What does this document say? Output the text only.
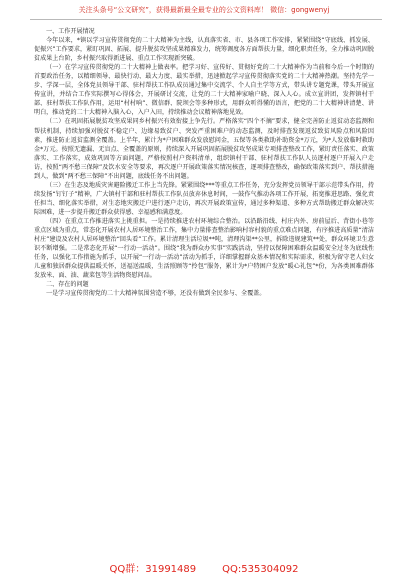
关注头条号“公文研究”，获得最新最全最专业的公文资料库！ 微信：gongwenyj

一、工作开展情况

今年以来，*镇以学习宣传贯彻党的二十大精神为主线，认真落实省、市、县各项工作安排，紧紧围绕“守底线、抓发展、促振兴”工作要求，紧盯巩固、拓展、提升脱贫攻坚成果精准发力，统筹调度各方面帮扶力量，细化职责任务，全力推动巩固脱贫成果上台阶，乡村振兴取得新进展、重点工作实现新突破。

（一）在学习宣传贯彻党的二十大精神上做表率。把学习好、宣传好、贯彻好党的二十大精神作为当前和今后一个时期的首要政治任务，以精细领导、最快行动、最大力度、最实举措，迅速掀起学习宣传贯彻落实党的二十大精神热潮。坚持先学一步、学深一层，全体党员领导干部、驻村帮扶工作队成员通过集中交流学、个人自主学等方式，带头讲专题党课，带头开展宣传宣讲，并结合工作实际撰写心得体会，开展研讨交流，让党的二十大精神家喻户晓、深入人心。成立宣讲团，发挥镇村干部、驻村帮扶工作队作用，运用“村村响”、微信群、院坝会等多种形式，用群众听得懂的语言，把党的二十大精神讲清楚、讲明白，推动党的二十大精神入脑入心，入户入田，持续推动会议精神落地见效。

（二）在巩固拓展脱贫攻坚成果同乡村振兴有效衔接上争先行。严格落实“四个不摘”要求，健全完善防止返贫动态监测和帮扶机制，持续加强对脱贫不稳定户、边缘易致贫户、突发严重困难户的动态监测，及时排查发现返贫致贫风险点和风险因素，推进防止返贫监测全覆盖。上半年，累计为*户困难群众发放慰问金，五保等各类救助补助资金*万元，为*人发放临时救助金*万元。按照无遗漏、无盲点、全覆盖的原则，持续深入开展巩固拓展脱贫攻坚成果专项排查整改工作，紧盯责任落实、政策落实、工作落实，成效巩固等方面问题，严格按照村户资料清单，组织镇村干部、驻村帮扶工作队人员逐村逐户开展入户走访，按照“两不愁三保障”及饮水安全等要求，再次逐户开展政策落实情况核查，逐项排查整改，确保政策落实到户、帮扶措施到人，做到“两不愁三保障”不出问题，底线任务不出问题。

（三）在生态及地质灾害避险搬迁工作上当先锋。紧紧围绕***等重点工作任务，充分发挥党员领导干部示范带头作用，持续发扬“钉钉子”精神，广大镇村干部和驻村帮扶工作队员放弃休息时间，一鼓作气推动各项工作开展，拓宽推进思路、强化责任担当、细化落实举措，对生态地灾搬迁户进行逐户走访，再次开展政策宣传，通过多种渠道、多种方式帮助搬迁群众解决实际困难，进一步提升搬迁群众获得感、幸福感和满意度。

（四）在重点工作推进落实上挑重担。一是持续推进农村环境综合整治。以沿路沿线、村庄内外、房前屋后、背街小巷等重点区域为重点，常态化开展农村人居环境整治工作，集中力量排查整治影响村容村貌的重点难点问题，有序推进高质量“清洁村庄”建设及农村人居环境整治“回头看”工作。累计清理生活垃圾**吨，清理沟渠**公里，拆除违规建筑**处，群众环境卫生意识不断增强。二是常态化开展“一行动一活动”。围绕“我为群众办实事”实践活动，坚持以保障困难群众温暖安全过冬为底线性任务，以强化工作措施为抓手，以开展“一行动一活动”活动为抓手，详细掌握群众基本情况和实际需求，积极为留守老人妇女儿童和独居群众提供温暖关怀，送福送温暖，生活照顾等“拎包”服务，累计为*户特困户发放“暖心礼包”*份，为各类困难群体发放米、面、油、蔬菜包等生活物资慰问品。

二、存在的问题

一是学习宣传贯彻党的二十大精神氛围营造不够，还没有做到全民参与、全覆盖。

QQ群：31991489	QQ:535304092
